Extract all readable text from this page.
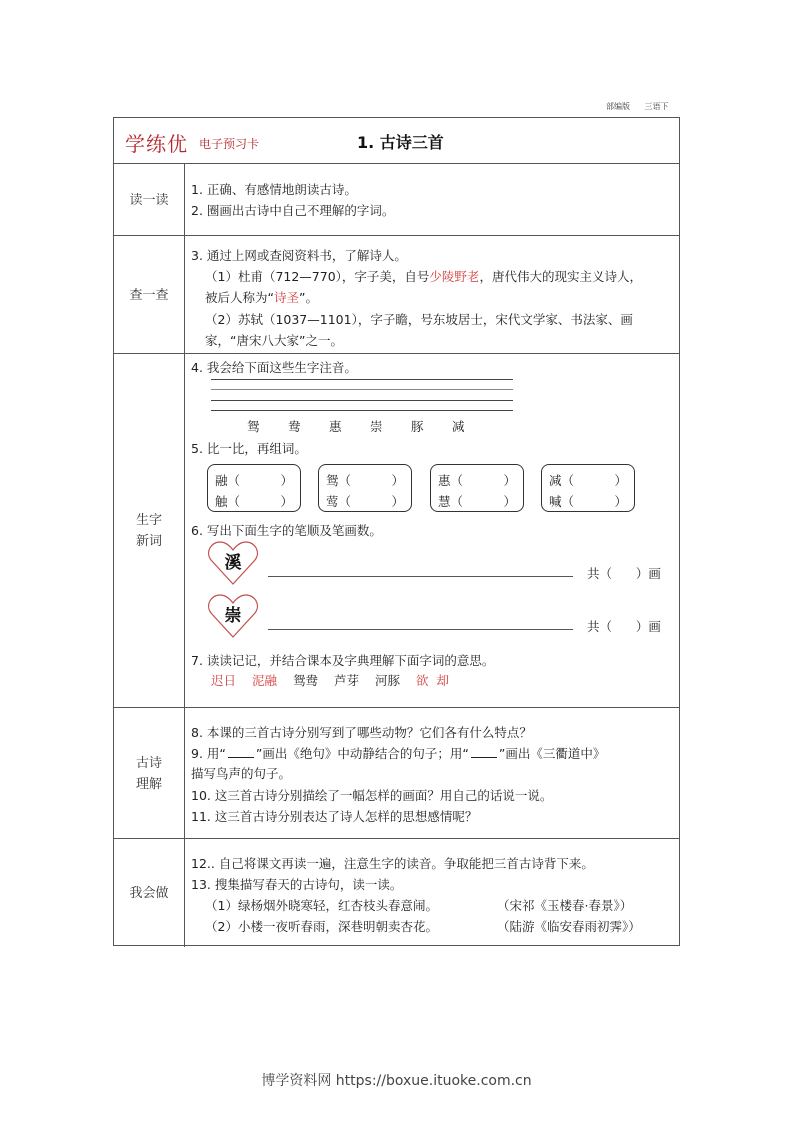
部编版 三语下
学练优 电子预习卡	1. 古诗三首
读一读
1. 正确、有感情地朗读古诗。
2. 圈画出古诗中自己不理解的字词。
查一查
3. 通过上网或查阅资料书，了解诗人。
（1）杜甫（712—770），字子美，自号少陵野老，唐代伟大的现实主义诗人，
被后人称为“诗圣”。
（2）苏轼（1037—1101），字子瞻，号东坡居士，宋代文学家、书法家、画
家，“唐宋八大家”之一。
生字
新词
4. 我会给下面这些生字注音。
鸳 鸯 惠 崇 豚 减
5. 比一比，再组词。
融（	）
触（	）
鸳（	）
莺（	）
惠（	）
慧（	）
减（	）
喊（	）
6. 写出下面生字的笔顺及笔画数。
溪
共（ ）画
崇
共（ ）画
7. 读读记记，并结合课本及字典理解下面字词的意思。
迟日 泥融 鸳鸯 芦芽 河豚 欲  却
古诗
理解
8. 本课的三首古诗分别写到了哪些动物？它们各有什么特点？
9. 用“ ”画出《绝句》中动静结合的句子；用“ ”画出《三衢道中》
描写鸟声的句子。
10. 这三首古诗分别描绘了一幅怎样的画面？用自己的话说一说。
11. 这三首古诗分别表达了诗人怎样的思想感情呢？
我会做
12.. 自己将课文再读一遍，注意生字的读音。争取能把三首古诗背下来。
13. 搜集描写春天的古诗句，读一读。
（1）绿杨烟外晓寒轻，红杏枝头春意闹。	（宋祁《玉楼春·春景》）
（2）小楼一夜听春雨，深巷明朝卖杏花。	（陆游《临安春雨初霁》）
博学资料网 https://boxue.ituoke.com.cn
